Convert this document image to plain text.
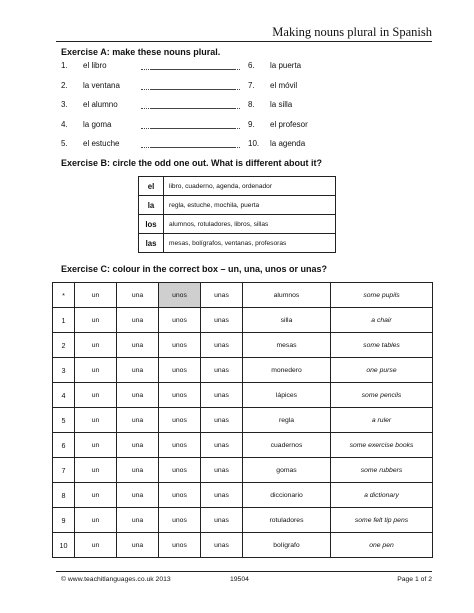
Making nouns plural in Spanish
Exercise A: make these nouns plural.
1. el libro
2. la ventana
3. el alumno
4. la goma
5. el estuche
6. la puerta
7. el móvil
8. la silla
9. el profesor
10. la agenda
Exercise B: circle the odd one out. What is different about it?
el	libro, cuaderno, agenda, ordenador
la	regla, estuche, mochila, puerta
los	alumnos, rotuladores, libros, sillas
las	mesas, bolígrafos, ventanas, profesoras
Exercise C: colour in the correct box – un, una, unos or unas?
*	un	una	unos	unas	alumnos	some pupils
1	un	una	unos	unas	silla	a chair
2	un	una	unos	unas	mesas	some tables
3	un	una	unos	unas	monedero	one purse
4	un	una	unos	unas	lápices	some pencils
5	un	una	unos	unas	regla	a ruler
6	un	una	unos	unas	cuadernos	some exercise books
7	un	una	unos	unas	gomas	some rubbers
8	un	una	unos	unas	diccionario	a dictionary
9	un	una	unos	unas	rotuladores	some felt tip pens
10	un	una	unos	unas	bolígrafo	one pen
© www.teachitlanguages.co.uk 2013	19504	Page 1 of 2
